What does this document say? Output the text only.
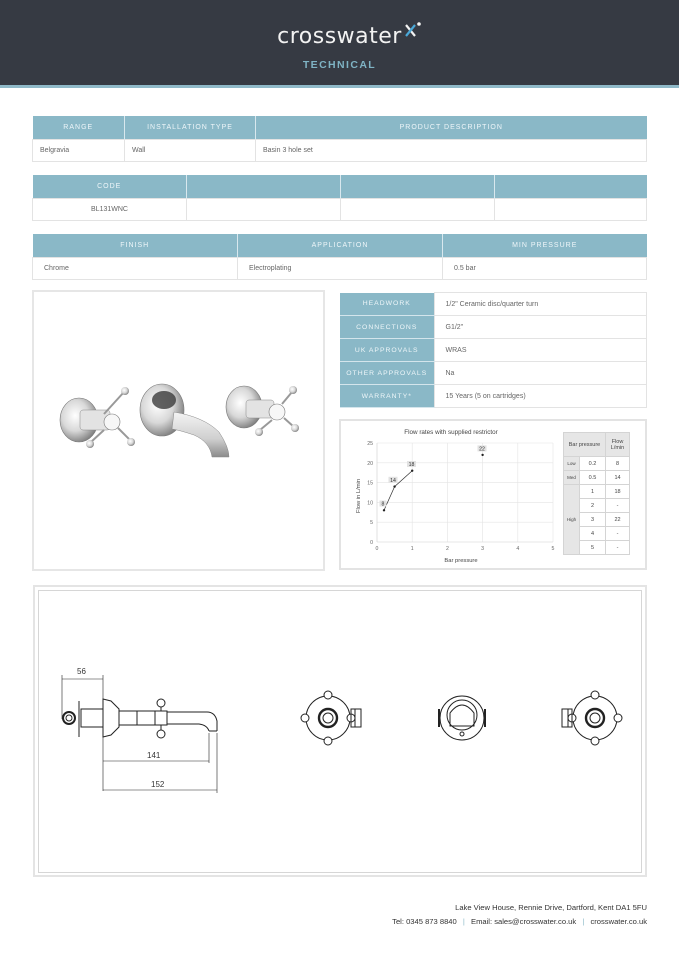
crosswater
TECHNICAL
RANGE	INSTALLATION TYPE	PRODUCT DESCRIPTION
Belgravia	Wall	Basin 3 hole set
CODE			
BL131WNC			
FINISH	APPLICATION	MIN PRESSURE
Chrome	Electroplating	0.5 bar
HEADWORK	1/2" Ceramic disc/quarter turn
CONNECTIONS	G1/2"
UK APPROVALS	WRAS
OTHER APPROVALS	Na
WARRANTY*	15 Years (5 on cartridges)
Flow rates with supplied restrictor
0
5
10
15
20
25
0	1	2	3	4	5
Bar pressure
Flow in L/min	8
14
18
22
Bar pressure		Flow L/min
Low	0.2	8
Med	0.5	14
High	1	18
	2	-
	3	22
	4	-
	5	-
56
141
152
Lake View House, Rennie Drive, Dartford, Kent DA1 5FU
Tel: 0345 873 8840 | Email: sales@crosswater.co.uk | crosswater.co.uk
